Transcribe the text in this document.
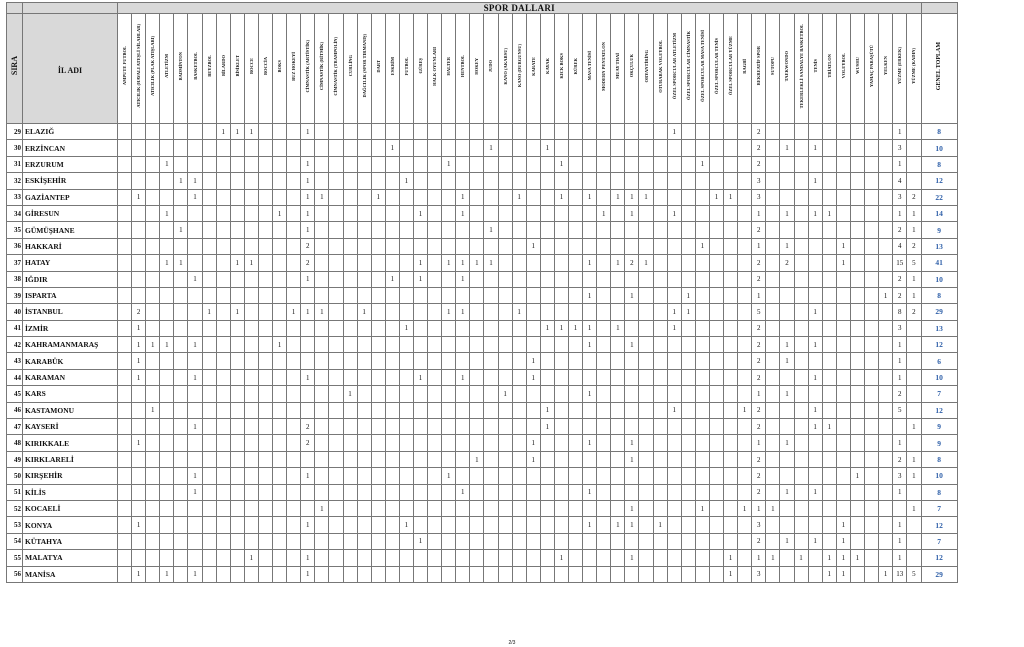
		SPOR DALLARI																																																									
SIRA	İL ADI	AMPUTE FUTBOL	ATICILIK (HAVALI ATEŞLİ SİLAHLAR)	ATICILIK (PLAK ATIŞLARI)	ATLETİZM	BADMİNTON	BASKETBOL	BEYZBOL	BİLARDO	BİSİKLET	BOCCE	BOCCİA	BOKS	BUZ HOKEYİ	CİMNASTİK (ARTİSTİK)	CİMNASTİK (RİTMİK)	CİMNASTİK (TRAMPOLİN)	CURLİNG	DAĞCILIK (SPOR TIRMANIŞ)	DART	ESKRİM	FUTBOL	GÜREŞ	HALK OYUNLARI	HALTER	HENTBOL	HOKEY	JUDO	KANO (AKARSU)	KANO (DURGUNSU)	KARATE	KAYAK	KICK BOKS	KÜREK	MASA TENİSİ	MODERN PENTATLON	MUAY THAİ	OKÇULUK	ORYANTİRİNG	OTURARAK VOLEYBOL	ÖZEL SPORCULAR ATLETİZM	ÖZEL SPORCULAR CİMNASTİK	ÖZEL SPORCULAR MASA TENİSİ	ÖZEL SPORCULAR TENİS	ÖZEL SPORCULAR YÜZME	RAGBİ	REKREATİF SPOR	SUTOPU	TAEKWONDO	TEKERLEKLİ SANDALYE BASKETBOL	TENİS	TRİATLON	VOLEYBOL	WUSHU	YAMAÇ PARAŞÜTÜ	YELKEN	YÜZME (ERKEK)	YÜZME (KADIN)	GENEL TOPLAM
29	ELAZIĞ								1	1	1				1																										1						2										1		8
30	ERZİNCAN																				1							1				1															2		1		1						3		10
31	ERZURUM				1										1										1								1										1				2										1		8
32	ESKİŞEHİR					1	1								1							1																									3				1						4		12
33	GAZİANTEP		1				1								1	1				1						1				1			1		1		1	1	1					1	1		3										3	2	22
34	GİRESUN				1								1		1								1			1										1		1			1						1		1		1	1					1	1	14
35	GÜMÜŞHANE					1									1													1																			2										2	1	9
36	HAKKARİ														2																1												1				1		1				1				4	2	13
37	HATAY				1	1				1	1				2								1		1	1	1	1							1		1	2	1								2		2				1				15	5	41
38	IĞDIR						1								1						1		1			1																					2										2	1	10
39	ISPARTA																																		1			1				1					1									1	2	1	8
40	İSTANBUL		2					1		1				1	1	1			1						1	1				1											1	1					5				1						8	2	29
41	İZMİR		1																			1										1	1	1	1		1				1						2										3		13
42	KAHRAMANMARAŞ		1	1	1		1						1																						1			1									2		1		1						1		12
43	KARABÜK		1																												1																2		1								1		6
44	KARAMAN		1				1								1								1			1					1																2				1						1		10
45	KARS																	1											1						1												1		1								2		7
46	KASTAMONU			1																												1									1					1	2				1						5		12
47	KAYSERİ						1								2																	1															2				1	1						1	9
48	KIRIKKALE		1												2																1				1			1									1		1								1		9
49	KIRKLARELİ																										1				1							1									2										2	1	8
50	KIRŞEHİR						1								1										1																						2							1			3	1	10
51	KİLİS						1																			1									1												2		1		1						1		8
52	KOCAELİ															1																						1					1			1	1	1										1	7
53	KONYA		1												1							1													1		1	1		1							3						1				1		12
54	KÜTAHYA																						1																								2		1		1		1				1		7
55	MALATYA										1				1																		1					1							1		1	1		1		1	1	1			1		12
56	MANİSA		1		1		1								1																														1		3					1	1			1	13	5	29
2/3
